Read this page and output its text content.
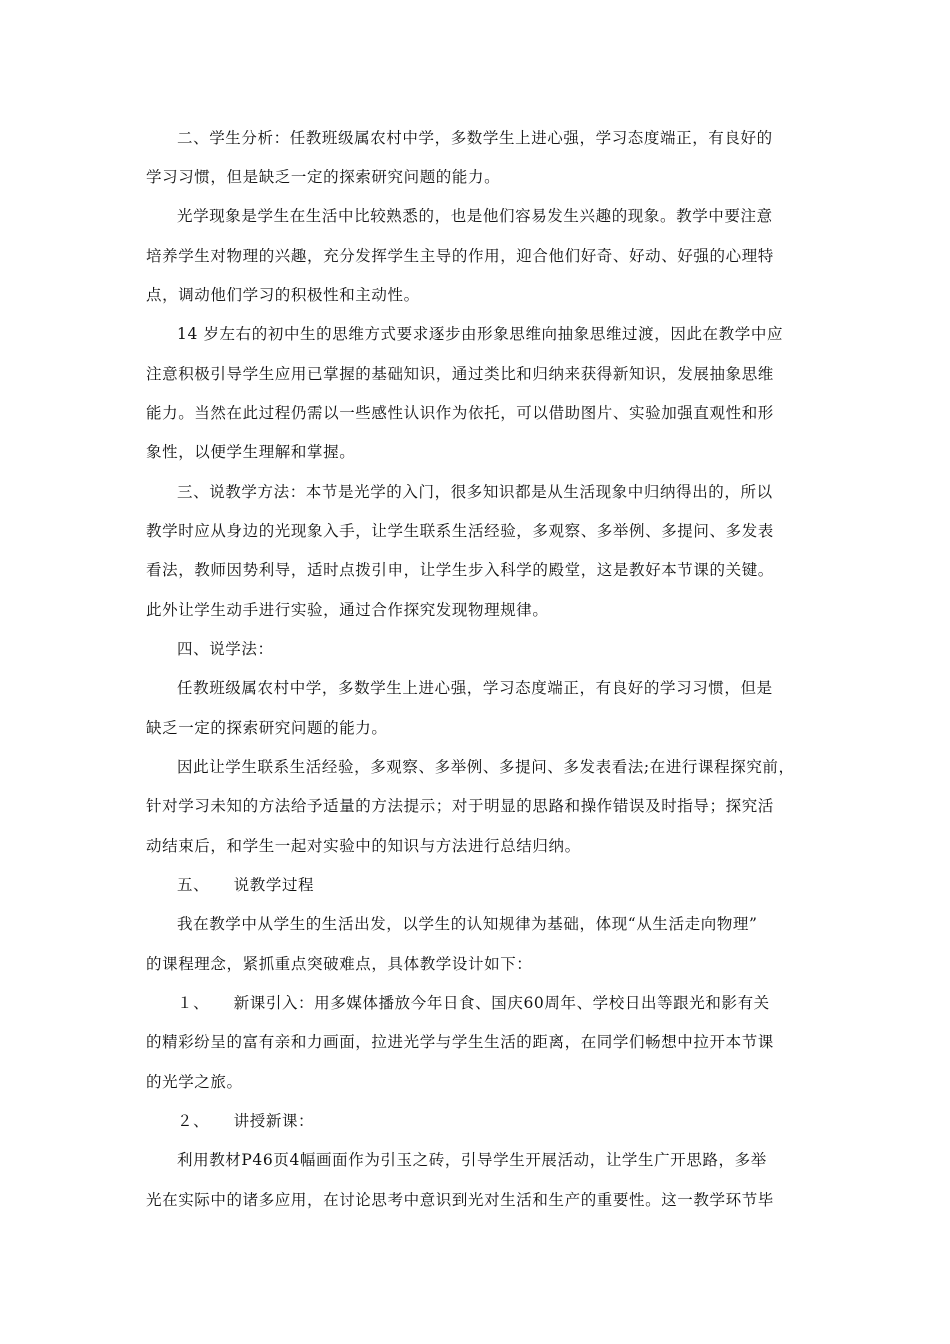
二、学生分析：任教班级属农村中学，多数学生上进心强，学习态度端正，有良好的
学习习惯，但是缺乏一定的探索研究问题的能力。
光学现象是学生在生活中比较熟悉的，也是他们容易发生兴趣的现象。教学中要注意
培养学生对物理的兴趣，充分发挥学生主导的作用，迎合他们好奇、好动、好强的心理特
点，调动他们学习的积极性和主动性。
14 岁左右的初中生的思维方式要求逐步由形象思维向抽象思维过渡，因此在教学中应
注意积极引导学生应用已掌握的基础知识，通过类比和归纳来获得新知识，发展抽象思维
能力。当然在此过程仍需以一些感性认识作为依托，可以借助图片、实验加强直观性和形
象性，以便学生理解和掌握。
三、说教学方法：本节是光学的入门，很多知识都是从生活现象中归纳得出的，所以
教学时应从身边的光现象入手，让学生联系生活经验，多观察、多举例、多提问、多发表
看法，教师因势利导，适时点拨引申，让学生步入科学的殿堂，这是教好本节课的关键。
此外让学生动手进行实验，通过合作探究发现物理规律。
四、说学法：
任教班级属农村中学，多数学生上进心强，学习态度端正，有良好的学习习惯，但是
缺乏一定的探索研究问题的能力。
因此让学生联系生活经验，多观察、多举例、多提问、多发表看法;在进行课程探究前，
针对学习未知的方法给予适量的方法提示；对于明显的思路和操作错误及时指导；探究活
动结束后，和学生一起对实验中的知识与方法进行总结归纳。
五、　　说教学过程
我在教学中从学生的生活出发，以学生的认知规律为基础，体现“从生活走向物理”
的课程理念，紧抓重点突破难点，具体教学设计如下：
１、　　新课引入：用多媒体播放今年日食、国庆60周年、学校日出等跟光和影有关
的精彩纷呈的富有亲和力画面，拉进光学与学生生活的距离，在同学们畅想中拉开本节课
的光学之旅。
２、　　讲授新课：
利用教材P46页4幅画面作为引玉之砖，引导学生开展活动，让学生广开思路，多举
光在实际中的诸多应用，在讨论思考中意识到光对生活和生产的重要性。这一教学环节毕
